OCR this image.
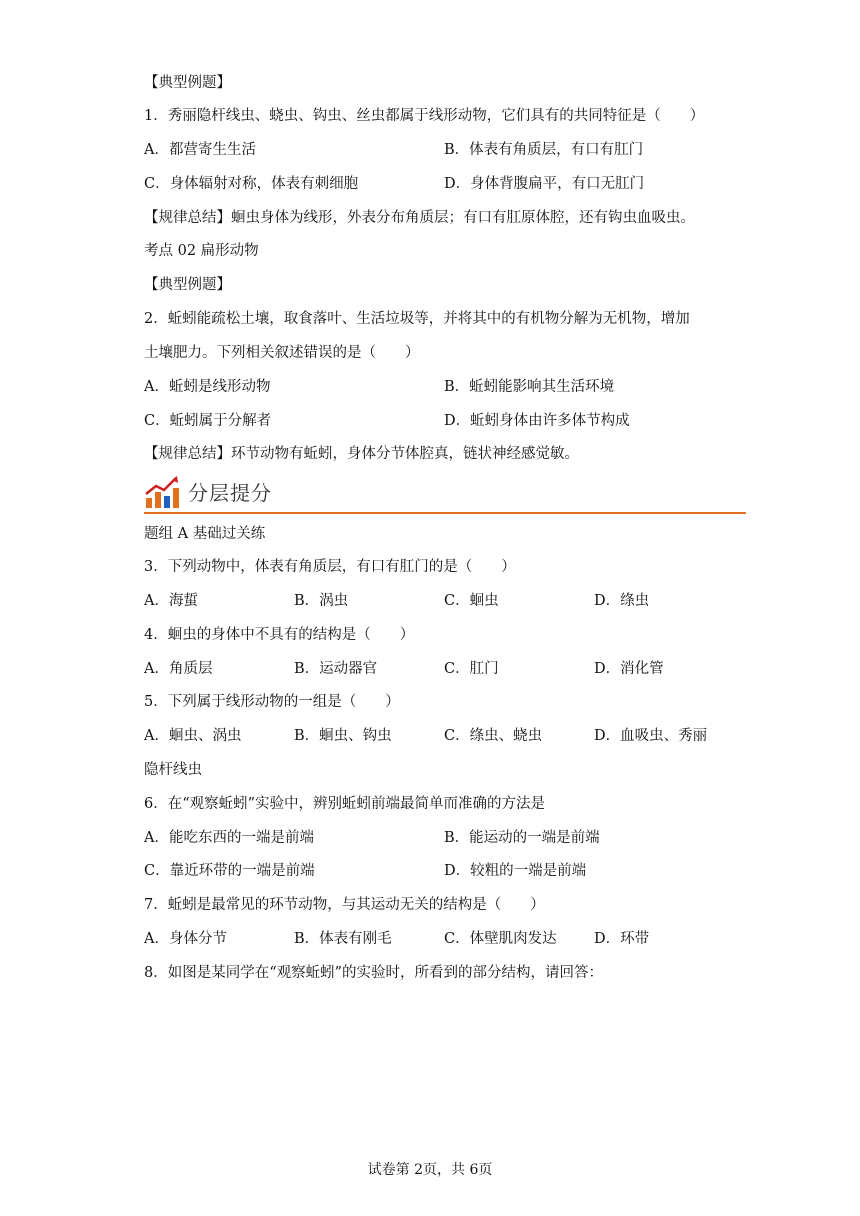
【典型例题】
1．秀丽隐杆线虫、蛲虫、钩虫、丝虫都属于线形动物，它们具有的共同特征是（　　）
A．都营寄生生活	B．体表有角质层，有口有肛门
C．身体辐射对称，体表有刺细胞	D．身体背腹扁平，有口无肛门
【规律总结】蛔虫身体为线形，外表分布角质层；有口有肛原体腔，还有钩虫血吸虫。
考点 02 扁形动物
【典型例题】
2．蚯蚓能疏松土壤，取食落叶、生活垃圾等，并将其中的有机物分解为无机物，增加
土壤肥力。下列相关叙述错误的是（　　）
A．蚯蚓是线形动物	B．蚯蚓能影响其生活环境
C．蚯蚓属于分解者	D．蚯蚓身体由许多体节构成
【规律总结】环节动物有蚯蚓，身体分节体腔真，链状神经感觉敏。
分层提分
题组 A 基础过关练
3．下列动物中，体表有角质层，有口有肛门的是（　　）
A．海蜇	B．涡虫	C．蛔虫	D．绦虫
4．蛔虫的身体中不具有的结构是（　　）
A．角质层	B．运动器官	C．肛门	D．消化管
5．下列属于线形动物的一组是（　　）
A．蛔虫、涡虫	B．蛔虫、钩虫	C．绦虫、蛲虫	D．血吸虫、秀丽
隐杆线虫
6．在“观察蚯蚓”实验中，辨别蚯蚓前端最简单而准确的方法是
A．能吃东西的一端是前端	B．能运动的一端是前端
C．靠近环带的一端是前端	D．较粗的一端是前端
7．蚯蚓是最常见的环节动物，与其运动无关的结构是（　　）
A．身体分节	B．体表有刚毛	C．体壁肌肉发达	D．环带
8．如图是某同学在“观察蚯蚓”的实验时，所看到的部分结构，请回答：
试卷第 2页，共 6页
